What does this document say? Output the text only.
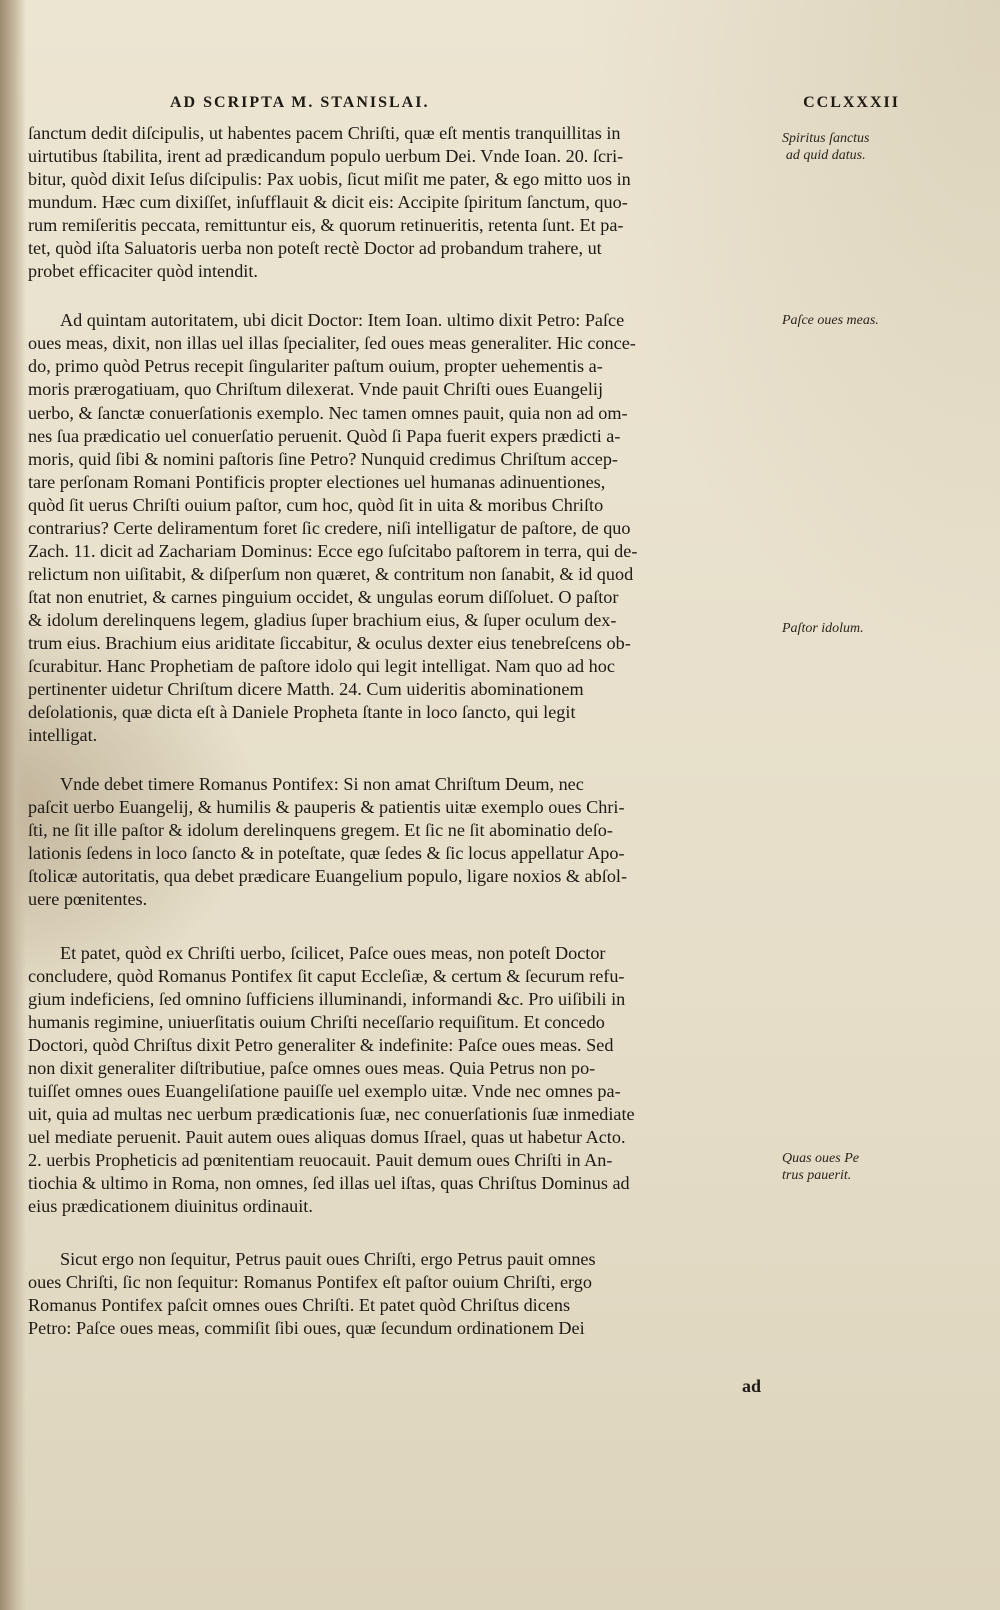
AD SCRIPTA M. STANISLAI.	CCLXXXII
ſanctum dedit diſcipulis, ut habentes pacem Chriſti, quæ eſt mentis tranquillitas in
uirtutibus ſtabilita, irent ad prædicandum populo uerbum Dei. Vnde Ioan. 20. ſcri-
bitur, quòd dixit Ieſus diſcipulis: Pax uobis, ſicut miſit me pater, & ego mitto uos in
mundum. Hæc cum dixiſſet, inſufflauit & dicit eis: Accipite ſpiritum ſanctum, quo-
rum remiſeritis peccata, remittuntur eis, & quorum retinueritis, retenta ſunt. Et pa-
tet, quòd iſta Saluatoris uerba non poteſt rectè Doctor ad probandum trahere, ut
probet efficaciter quòd intendit.
Ad quintam autoritatem, ubi dicit Doctor: Item Ioan. ultimo dixit Petro: Paſce
oues meas, dixit, non illas uel illas ſpecialiter, ſed oues meas generaliter. Hic conce-
do, primo quòd Petrus recepit ſingulariter paſtum ouium, propter uehementis a-
moris prærogatiuam, quo Chriſtum dilexerat. Vnde pauit Chriſti oues Euangelij
uerbo, & ſanctæ conuerſationis exemplo. Nec tamen omnes pauit, quia non ad om-
nes ſua prædicatio uel conuerſatio peruenit. Quòd ſi Papa fuerit expers prædicti a-
moris, quid ſibi & nomini paſtoris ſine Petro? Nunquid credimus Chriſtum accep-
tare perſonam Romani Pontificis propter electiones uel humanas adinuentiones,
quòd ſit uerus Chriſti ouium paſtor, cum hoc, quòd ſit in uita & moribus Chriſto
contrarius? Certe deliramentum foret ſic credere, niſi intelligatur de paſtore, de quo
Zach. 11. dicit ad Zachariam Dominus: Ecce ego ſuſcitabo paſtorem in terra, qui de-
relictum non uiſitabit, & diſperſum non quæret, & contritum non ſanabit, & id quod
ſtat non enutriet, & carnes pinguium occidet, & ungulas eorum diſſoluet. O paſtor
& idolum derelinquens legem, gladius ſuper brachium eius, & ſuper oculum dex-
trum eius. Brachium eius ariditate ſiccabitur, & oculus dexter eius tenebreſcens ob-
ſcurabitur. Hanc Prophetiam de paſtore idolo qui legit intelligat. Nam quo ad hoc
pertinenter uidetur Chriſtum dicere Matth. 24. Cum uideritis abominationem
deſolationis, quæ dicta eſt à Daniele Propheta ſtante in loco ſancto, qui legit
intelligat.
Vnde debet timere Romanus Pontifex: Si non amat Chriſtum Deum, nec
paſcit uerbo Euangelij, & humilis & pauperis & patientis uitæ exemplo oues Chri-
ſti, ne ſit ille paſtor & idolum derelinquens gregem. Et ſic ne ſit abominatio deſo-
lationis ſedens in loco ſancto & in poteſtate, quæ ſedes & ſic locus appellatur Apo-
ſtolicæ autoritatis, qua debet prædicare Euangelium populo, ligare noxios & abſol-
uere pœnitentes.
Et patet, quòd ex Chriſti uerbo, ſcilicet, Paſce oues meas, non poteſt Doctor
concludere, quòd Romanus Pontifex ſit caput Eccleſiæ, & certum & ſecurum refu-
gium indeficiens, ſed omnino ſufficiens illuminandi, informandi &c. Pro uiſibili in
humanis regimine, uniuerſitatis ouium Chriſti neceſſario requiſitum. Et concedo
Doctori, quòd Chriſtus dixit Petro generaliter & indefinite: Paſce oues meas. Sed
non dixit generaliter diſtributiue, paſce omnes oues meas. Quia Petrus non po-
tuiſſet omnes oues Euangeliſatione pauiſſe uel exemplo uitæ. Vnde nec omnes pa-
uit, quia ad multas nec uerbum prædicationis ſuæ, nec conuerſationis ſuæ inmediate
uel mediate peruenit. Pauit autem oues aliquas domus Iſrael, quas ut habetur Acto.
2. uerbis Propheticis ad pœnitentiam reuocauit. Pauit demum oues Chriſti in An-
tiochia & ultimo in Roma, non omnes, ſed illas uel iſtas, quas Chriſtus Dominus ad
eius prædicationem diuinitus ordinauit.
Sicut ergo non ſequitur, Petrus pauit oues Chriſti, ergo Petrus pauit omnes
oues Chriſti, ſic non ſequitur: Romanus Pontifex eſt paſtor ouium Chriſti, ergo
Romanus Pontifex paſcit omnes oues Chriſti. Et patet quòd Chriſtus dicens
Petro: Paſce oues meas, commiſit ſibi oues, quæ ſecundum ordinationem Dei
ad
Spiritus ſanctus
ad quid datus.
Paſce oues meas.
Paſtor idolum.
Quas oues Pe
trus pauerit.
